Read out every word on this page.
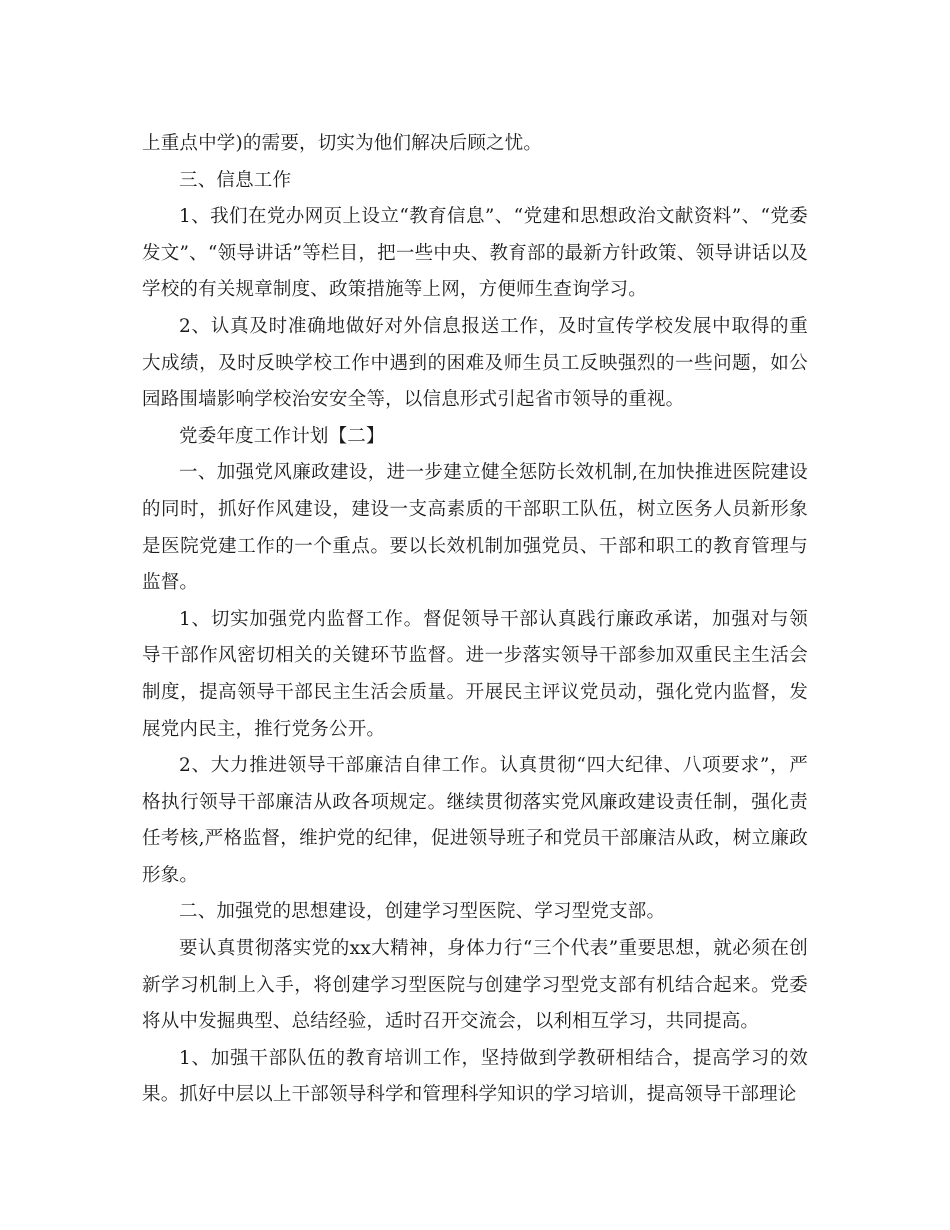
上重点中学)的需要，切实为他们解决后顾之忧。

三、信息工作

1、我们在党办网页上设立“教育信息”、“党建和思想政治文献资料”、“党委发文”、“领导讲话”等栏目，把一些中央、教育部的最新方针政策、领导讲话以及学校的有关规章制度、政策措施等上网，方便师生查询学习。

2、认真及时准确地做好对外信息报送工作，及时宣传学校发展中取得的重大成绩，及时反映学校工作中遇到的困难及师生员工反映强烈的一些问题，如公园路围墙影响学校治安安全等，以信息形式引起省市领导的重视。

党委年度工作计划【二】

一、加强党风廉政建设，进一步建立健全惩防长效机制,在加快推进医院建设的同时，抓好作风建设，建设一支高素质的干部职工队伍，树立医务人员新形象是医院党建工作的一个重点。要以长效机制加强党员、干部和职工的教育管理与监督。

1、切实加强党内监督工作。督促领导干部认真践行廉政承诺，加强对与领导干部作风密切相关的关键环节监督。进一步落实领导干部参加双重民主生活会制度，提高领导干部民主生活会质量。开展民主评议党员动，强化党内监督，发展党内民主，推行党务公开。

2、大力推进领导干部廉洁自律工作。认真贯彻“四大纪律、八项要求”，严格执行领导干部廉洁从政各项规定。继续贯彻落实党风廉政建设责任制，强化责任考核,严格监督，维护党的纪律，促进领导班子和党员干部廉洁从政，树立廉政形象。

二、加强党的思想建设，创建学习型医院、学习型党支部。

要认真贯彻落实党的xx大精神，身体力行“三个代表”重要思想，就必须在创新学习机制上入手，将创建学习型医院与创建学习型党支部有机结合起来。党委将从中发掘典型、总结经验，适时召开交流会，以利相互学习，共同提高。

1、加强干部队伍的教育培训工作，坚持做到学教研相结合，提高学习的效果。抓好中层以上干部领导科学和管理科学知识的学习培训，提高领导干部理论
